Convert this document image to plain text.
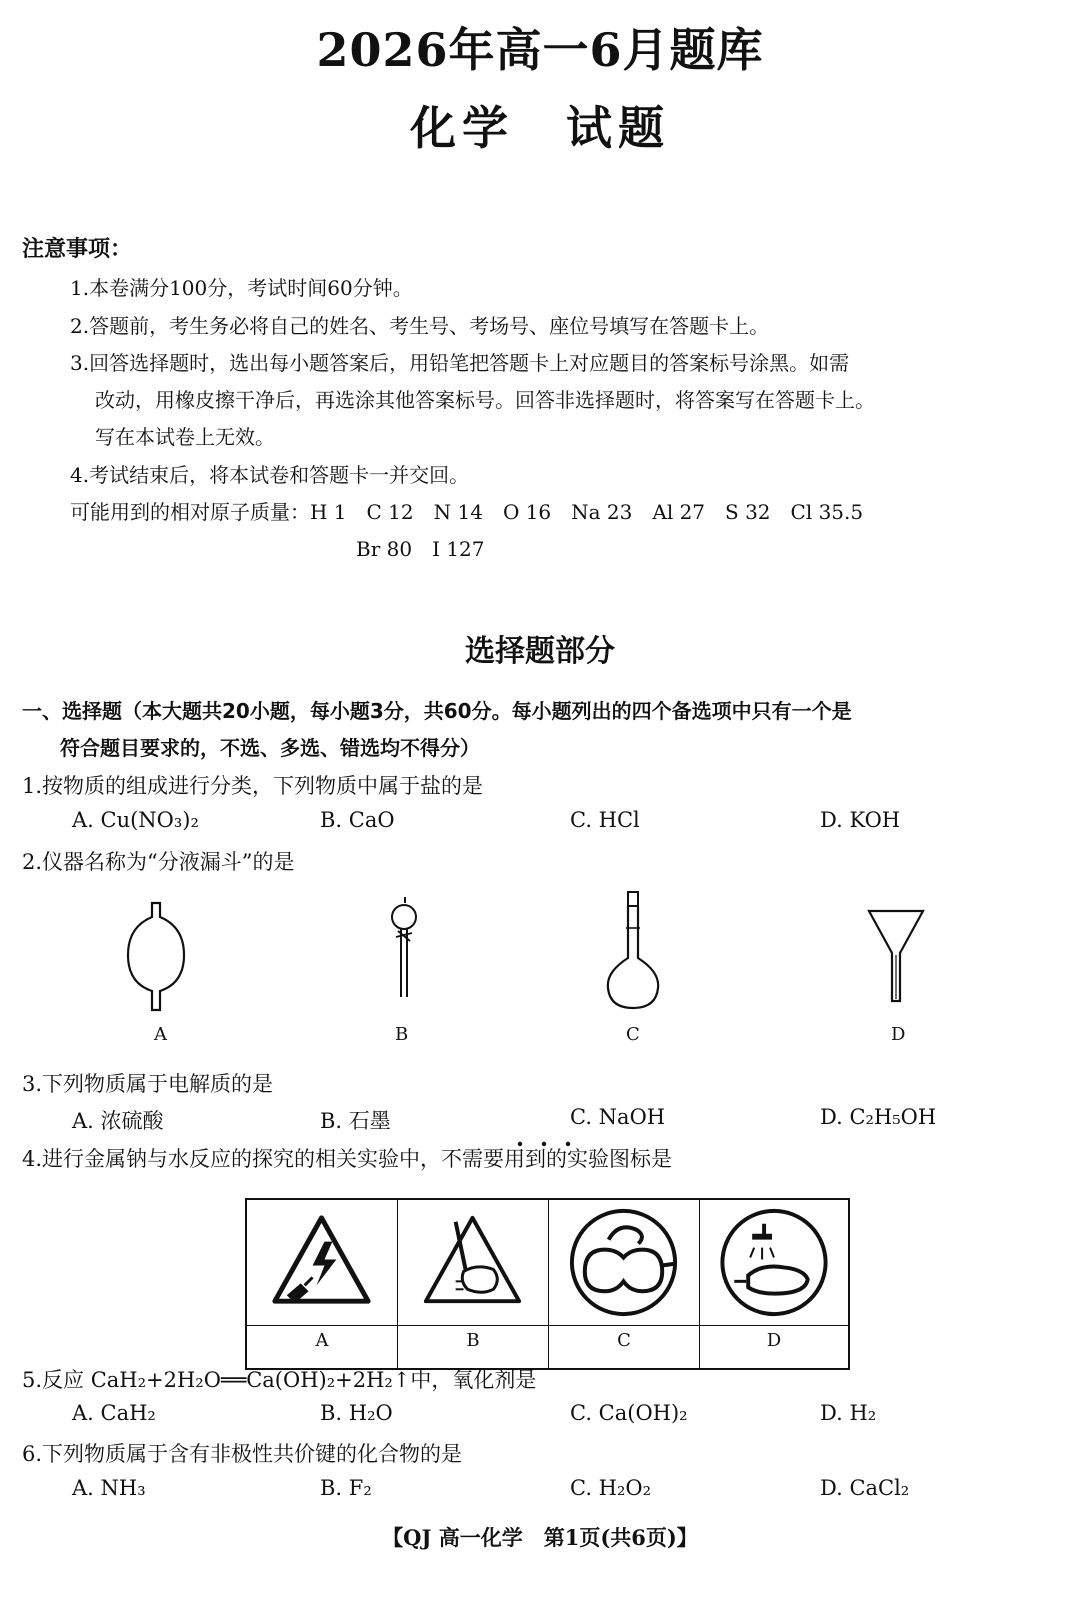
2026年高一6月题库
化学　试题
注意事项：
1.本卷满分100分，考试时间60分钟。
2.答题前，考生务必将自己的姓名、考生号、考场号、座位号填写在答题卡上。
3.回答选择题时，选出每小题答案后，用铅笔把答题卡上对应题目的答案标号涂黑。如需
改动，用橡皮擦干净后，再选涂其他答案标号。回答非选择题时，将答案写在答题卡上。
写在本试卷上无效。
4.考试结束后，将本试卷和答题卡一并交回。
可能用到的相对原子质量：H 1　C 12　N 14　O 16　Na 23　Al 27　S 32　Cl 35.5
Br 80　I 127
选择题部分
一、选择题（本大题共20小题，每小题3分，共60分。每小题列出的四个备选项中只有一个是
符合题目要求的，不选、多选、错选均不得分）
1.按物质的组成进行分类，下列物质中属于盐的是
A. Cu(NO₃)₂	B. CaO	C. HCl	D. KOH
2.仪器名称为“分液漏斗”的是
A	B	C	D
3.下列物质属于电解质的是
A. 浓硫酸	B. 石墨	C. NaOH	D. C₂H₅OH
4.进行金属钠与水反应的探究的相关实验中，不需要用到的实验图标是
A	B	C	D
5.反应 CaH₂+2H₂O══Ca(OH)₂+2H₂↑中，氧化剂是
A. CaH₂	B. H₂O	C. Ca(OH)₂	D. H₂
6.下列物质属于含有非极性共价键的化合物的是
A. NH₃	B. F₂	C. H₂O₂	D. CaCl₂
【QJ 高一化学　第1页(共6页)】
